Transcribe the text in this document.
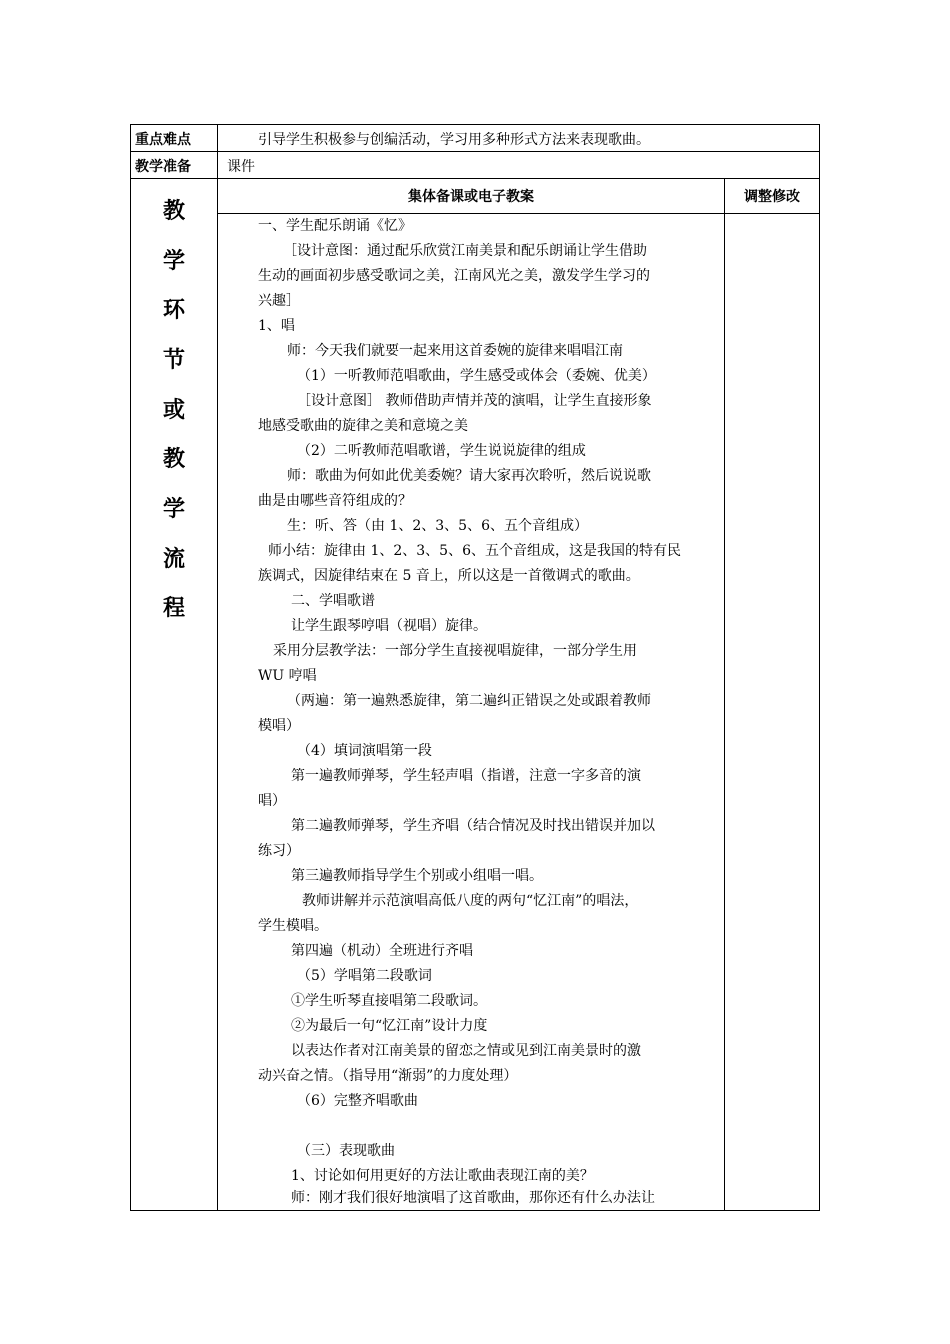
重点难点	引导学生积极参与创编活动，学习用多种形式方法来表现歌曲。
教学准备	课件
集体备课或电子教案	调整修改
教
学
环
节
或
教
学
流
程
一、学生配乐朗诵《忆》
［设计意图：通过配乐欣赏江南美景和配乐朗诵让学生借助
生动的画面初步感受歌词之美，江南风光之美，激发学生学习的
兴趣］
1、唱
师：今天我们就要一起来用这首委婉的旋律来唱唱江南
（1）一听教师范唱歌曲，学生感受或体会（委婉、优美）
［设计意图］ 教师借助声情并茂的演唱，让学生直接形象
地感受歌曲的旋律之美和意境之美
（2）二听教师范唱歌谱，学生说说旋律的组成
师：歌曲为何如此优美委婉？请大家再次聆听，然后说说歌
曲是由哪些音符组成的？
生：听、答（由 1、2、3、5、6、五个音组成）
师小结：旋律由 1、2、3、5、6、五个音组成，这是我国的特有民
族调式，因旋律结束在 5 音上，所以这是一首徵调式的歌曲。
二、学唱歌谱
让学生跟琴哼唱（视唱）旋律。
采用分层教学法：一部分学生直接视唱旋律，一部分学生用
WU 哼唱
（两遍：第一遍熟悉旋律，第二遍纠正错误之处或跟着教师
模唱）
（4）填词演唱第一段
第一遍教师弹琴，学生轻声唱（指谱，注意一字多音的演
唱）
第二遍教师弹琴，学生齐唱（结合情况及时找出错误并加以
练习）
第三遍教师指导学生个别或小组唱一唱。
教师讲解并示范演唱高低八度的两句“忆江南”的唱法，
学生模唱。
第四遍（机动）全班进行齐唱
（5）学唱第二段歌词
①学生听琴直接唱第二段歌词。
②为最后一句“忆江南”设计力度
以表达作者对江南美景的留恋之情或见到江南美景时的激
动兴奋之情。（指导用“渐弱”的力度处理）
（6）完整齐唱歌曲
（三）表现歌曲
1、讨论如何用更好的方法让歌曲表现江南的美？
师：刚才我们很好地演唱了这首歌曲，那你还有什么办法让
